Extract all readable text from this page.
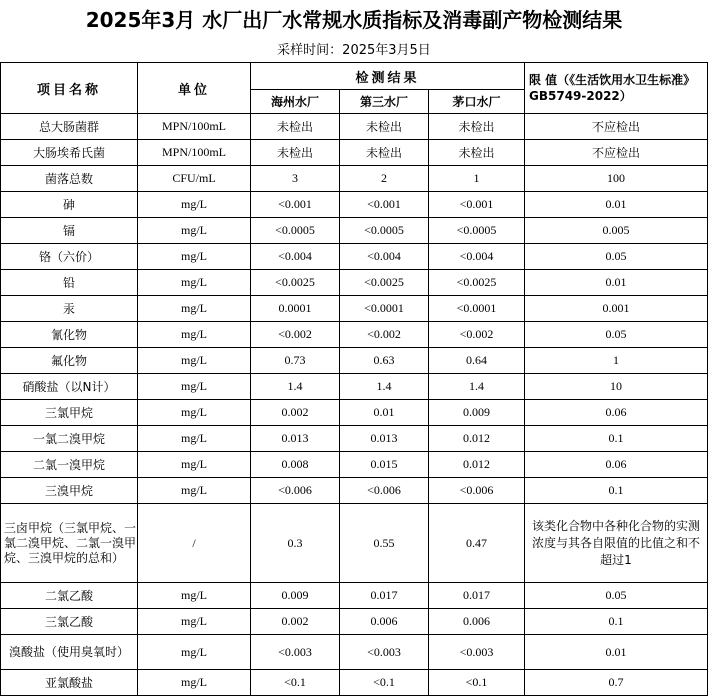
2025年3月 水厂出厂水常规水质指标及消毒副产物检测结果
采样时间：2025年3月5日
项目名称	单位	检测结果			限 值（《生活饮用水卫生标准》GB5749-2022）
		海州水厂	第三水厂	茅口水厂	
总大肠菌群	MPN/100mL	未检出	未检出	未检出	不应检出
大肠埃希氏菌	MPN/100mL	未检出	未检出	未检出	不应检出
菌落总数	CFU/mL	3	2	1	100
砷	mg/L	<0.001	<0.001	<0.001	0.01
镉	mg/L	<0.0005	<0.0005	<0.0005	0.005
铬（六价）	mg/L	<0.004	<0.004	<0.004	0.05
铅	mg/L	<0.0025	<0.0025	<0.0025	0.01
汞	mg/L	0.0001	<0.0001	<0.0001	0.001
氰化物	mg/L	<0.002	<0.002	<0.002	0.05
氟化物	mg/L	0.73	0.63	0.64	1
硝酸盐（以N计）	mg/L	1.4	1.4	1.4	10
三氯甲烷	mg/L	0.002	0.01	0.009	0.06
一氯二溴甲烷	mg/L	0.013	0.013	0.012	0.1
二氯一溴甲烷	mg/L	0.008	0.015	0.012	0.06
三溴甲烷	mg/L	<0.006	<0.006	<0.006	0.1
三卤甲烷（三氯甲烷、一氯二溴甲烷、二氯一溴甲烷、三溴甲烷的总和）	/	0.3	0.55	0.47	该类化合物中各种化合物的实测浓度与其各自限值的比值之和不超过1
二氯乙酸	mg/L	0.009	0.017	0.017	0.05
三氯乙酸	mg/L	0.002	0.006	0.006	0.1
溴酸盐（使用臭氧时）	mg/L	<0.003	<0.003	<0.003	0.01
亚氯酸盐	mg/L	<0.1	<0.1	<0.1	0.7
